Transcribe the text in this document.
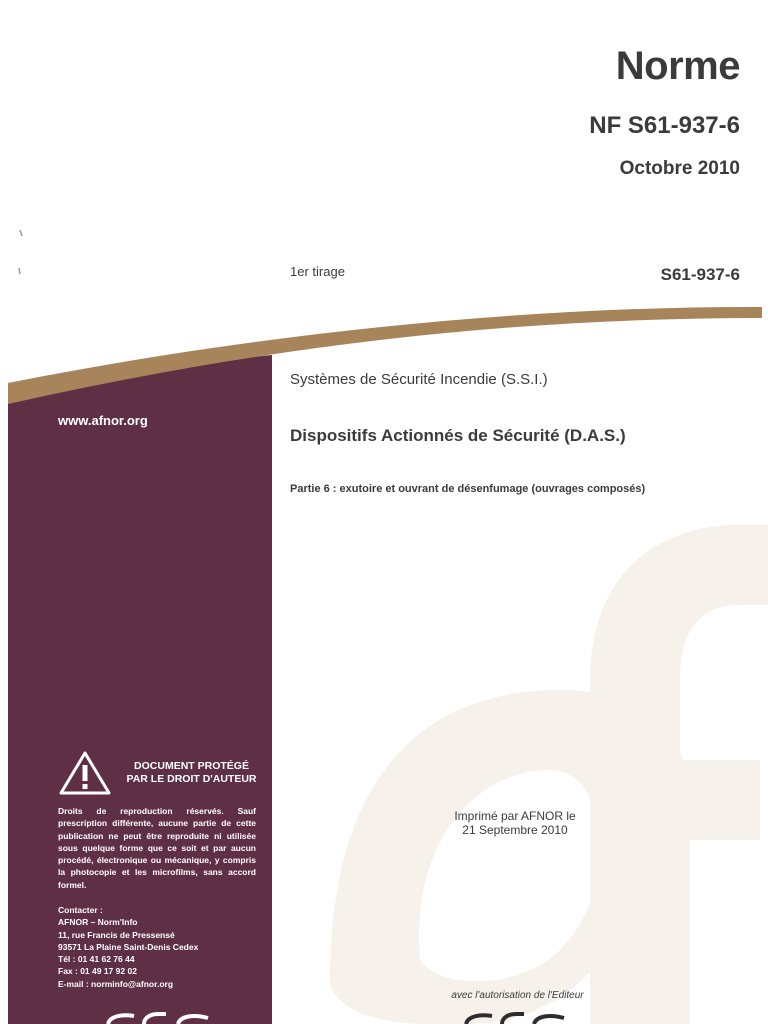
Norme
NF S61-937-6
Octobre 2010
1er tirage	S61-937-6
Systèmes de Sécurité Incendie (S.S.I.)
Dispositifs Actionnés de Sécurité (D.A.S.)
Partie 6 : exutoire et ouvrant de désenfumage (ouvrages composés)
www.afnor.org
DOCUMENT PROTÉGÉ
PAR LE DROIT D'AUTEUR
Droits de reproduction réservés. Sauf prescription différente, aucune partie de cette publication ne peut être reproduite ni utilisée sous quelque forme que ce soit et par aucun procédé, électronique ou mécanique, y compris la photocopie et les microfilms, sans accord formel.
Contacter :
AFNOR – Norm'Info
11, rue Francis de Pressensé
93571 La Plaine Saint-Denis Cedex
Tél : 01 41 62 76 44
Fax : 01 49 17 92 02
E-mail : norminfo@afnor.org
Imprimé par AFNOR le
21 Septembre 2010
avec l'autorisation de l'Editeur
